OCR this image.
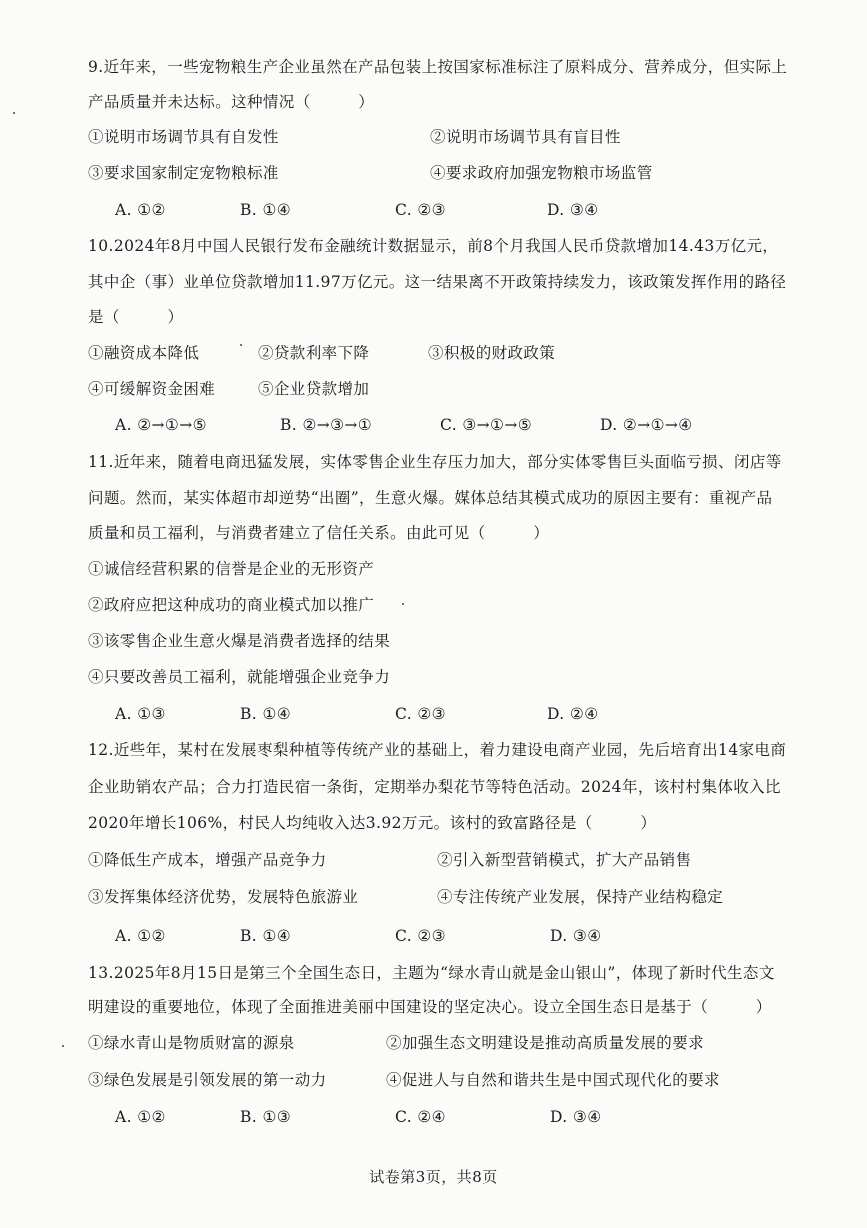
9.近年来，一些宠物粮生产企业虽然在产品包装上按国家标准标注了原料成分、营养成分，但实际上
产品质量并未达标。这种情况（　　　）
①说明市场调节具有自发性	②说明市场调节具有盲目性
③要求国家制定宠物粮标准	④要求政府加强宠物粮市场监管
A. ①②	B. ①④	C. ②③	D. ③④
10.2024年8月中国人民银行发布金融统计数据显示，前8个月我国人民币贷款增加14.43万亿元，
其中企（事）业单位贷款增加11.97万亿元。这一结果离不开政策持续发力，该政策发挥作用的路径
是（　　　）
①融资成本降低	②贷款利率下降	③积极的财政政策
④可缓解资金困难	⑤企业贷款增加
A. ②→①→⑤	B. ②→③→①	C. ③→①→⑤	D. ②→①→④
11.近年来，随着电商迅猛发展，实体零售企业生存压力加大，部分实体零售巨头面临亏损、闭店等
问题。然而，某实体超市却逆势“出圈”，生意火爆。媒体总结其模式成功的原因主要有：重视产品
质量和员工福利，与消费者建立了信任关系。由此可见（　　　）
①诚信经营积累的信誉是企业的无形资产
②政府应把这种成功的商业模式加以推广
③该零售企业生意火爆是消费者选择的结果
④只要改善员工福利，就能增强企业竞争力
A. ①③	B. ①④	C. ②③	D. ②④
12.近些年，某村在发展枣梨种植等传统产业的基础上，着力建设电商产业园，先后培育出14家电商
企业助销农产品；合力打造民宿一条街，定期举办梨花节等特色活动。2024年，该村村集体收入比
2020年增长106%，村民人均纯收入达3.92万元。该村的致富路径是（　　　）
①降低生产成本，增强产品竞争力	②引入新型营销模式，扩大产品销售
③发挥集体经济优势，发展特色旅游业	④专注传统产业发展，保持产业结构稳定
A. ①②	B. ①④	C. ②③	D. ③④
13.2025年8月15日是第三个全国生态日，主题为“绿水青山就是金山银山”，体现了新时代生态文
明建设的重要地位，体现了全面推进美丽中国建设的坚定决心。设立全国生态日是基于（　　　）
①绿水青山是物质财富的源泉	②加强生态文明建设是推动高质量发展的要求
③绿色发展是引领发展的第一动力	④促进人与自然和谐共生是中国式现代化的要求
A. ①②	B. ①③	C. ②④	D. ③④
试卷第3页，共8页
